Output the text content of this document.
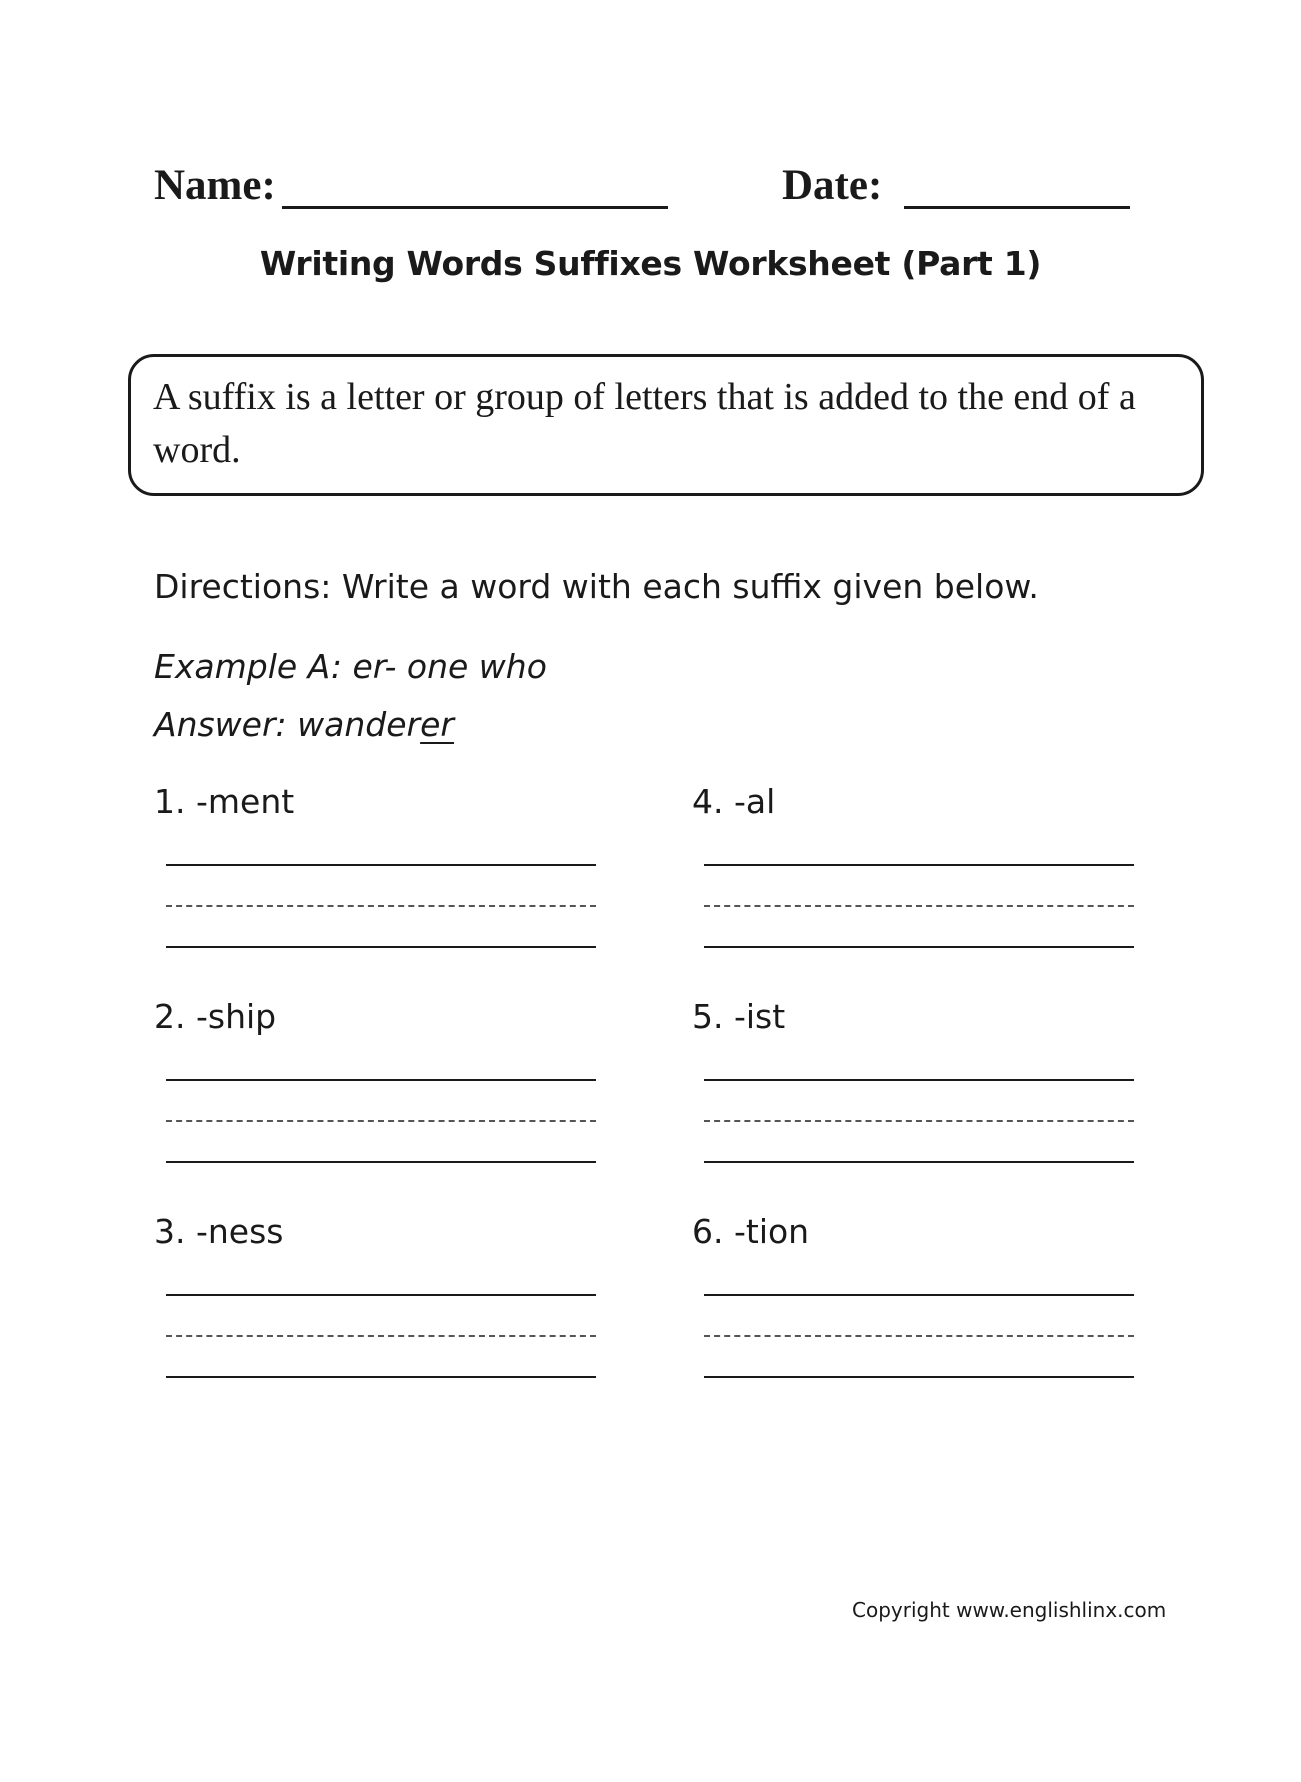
Name:	Date:
Writing Words Suffixes Worksheet (Part 1)
A suffix is a letter or group of letters that is added to the end of a word.
Directions: Write a word with each suffix given below.
Example A: er- one who
Answer: wanderer
1. -ment
2. -ship
3. -ness
4. -al
5. -ist
6. -tion
Copyright www.englishlinx.com
